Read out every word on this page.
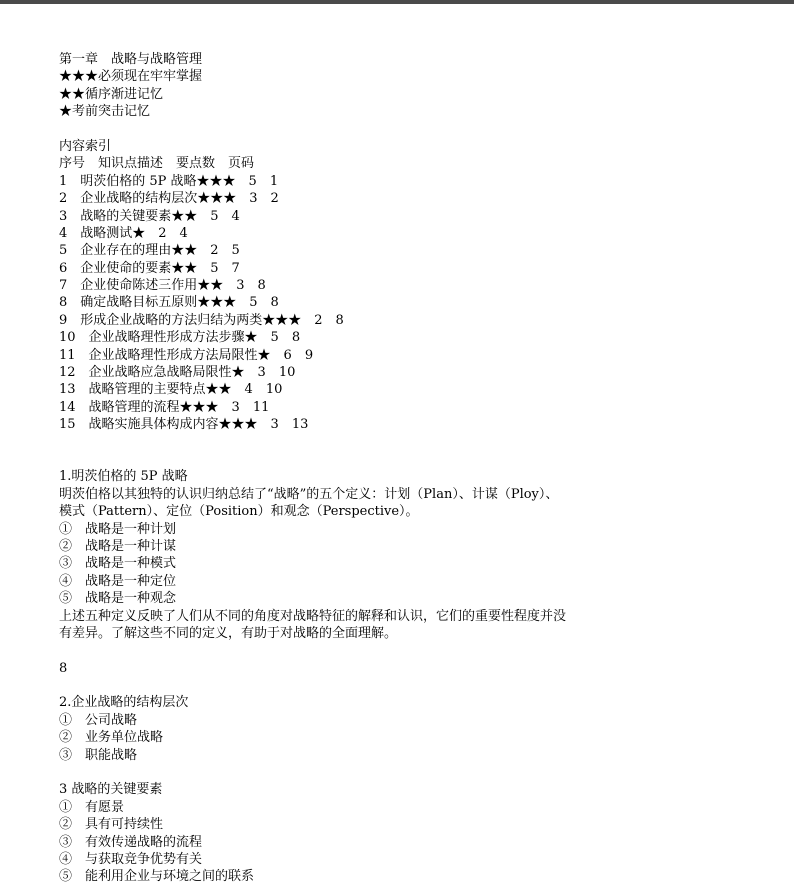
第一章　战略与战略管理
★★★必须现在牢牢掌握
★★循序渐进记忆
★考前突击记忆
内容索引
序号　知识点描述　要点数　页码
1　明茨伯格的 5P 战略★★★　5　1
2　企业战略的结构层次★★★　3　2
3　战略的关键要素★★　5　4
4　战略测试★　2　4
5　企业存在的理由★★　2　5
6　企业使命的要素★★　5　7
7　企业使命陈述三作用★★　3　8
8　确定战略目标五原则★★★　5　8
9　形成企业战略的方法归结为两类★★★　2　8
10　企业战略理性形成方法步骤★　5　8
11　企业战略理性形成方法局限性★　6　9
12　企业战略应急战略局限性★　3　10
13　战略管理的主要特点★★　4　10
14　战略管理的流程★★★　3　11
15　战略实施具体构成内容★★★　3　13
1.明茨伯格的 5P 战略
明茨伯格以其独特的认识归纳总结了“战略”的五个定义：计划（Plan）、计谋（Ploy）、
模式（Pattern）、定位（Position）和观念（Perspective）。
①　战略是一种计划
②　战略是一种计谋
③　战略是一种模式
④　战略是一种定位
⑤　战略是一种观念
上述五种定义反映了人们从不同的角度对战略特征的解释和认识，它们的重要性程度并没
有差异。了解这些不同的定义，有助于对战略的全面理解。
8
2.企业战略的结构层次
①　公司战略
②　业务单位战略
③　职能战略
3 战略的关键要素
①　有愿景
②　具有可持续性
③　有效传递战略的流程
④　与获取竞争优势有关
⑤　能利用企业与环境之间的联系
